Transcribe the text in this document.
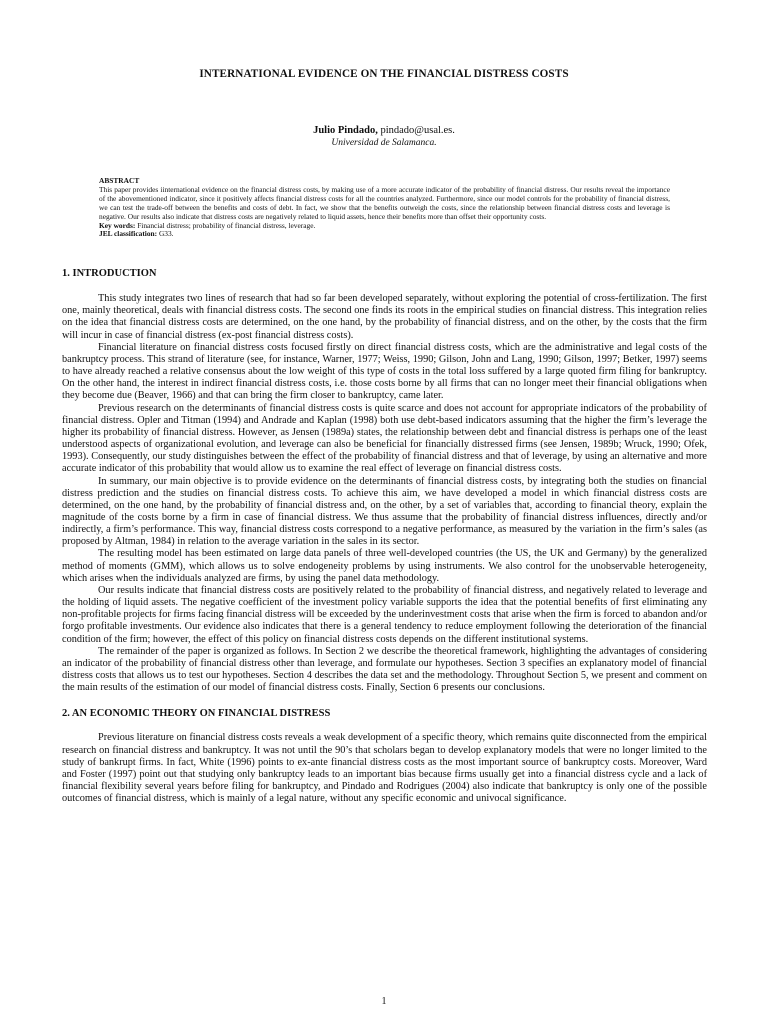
INTERNATIONAL EVIDENCE ON THE FINANCIAL DISTRESS COSTS
Julio Pindado, pindado@usal.es.
Universidad de Salamanca.
ABSTRACT
This paper provides iinternational evidence on the financial distress costs, by making use of a more accurate indicator of the probability of financial distress. Our results reveal the importance of the abovementioned indicator, since it positively affects financial distress costs for all the countries analyzed. Furthermore, since our model controls for the probability of financial distress, we can test the trade-off between the benefits and costs of debt. In fact, we show that the benefits outweigh the costs, since the relationship between financial distress costs and leverage is negative. Our results also indicate that distress costs are negatively related to liquid assets, hence their benefits more than offset their opportunity costs.
Key words: Financial distress; probability of financial distress, leverage.
JEL classification: G33.
1. INTRODUCTION

This study integrates two lines of research that had so far been developed separately, without exploring the potential of cross-fertilization. The first one, mainly theoretical, deals with financial distress costs. The second one finds its roots in the empirical studies on financial distress. This integration relies on the idea that financial distress costs are determined, on the one hand, by the probability of financial distress, and on the other, by the costs that the firm will incur in case of financial distress (ex-post financial distress costs).

Financial literature on financial distress costs focused firstly on direct financial distress costs, which are the administrative and legal costs of the bankruptcy process. This strand of literature (see, for instance, Warner, 1977; Weiss, 1990; Gilson, John and Lang, 1990; Gilson, 1997; Betker, 1997) seems to have already reached a relative consensus about the low weight of this type of costs in the total loss suffered by a large quoted firm filing for bankruptcy. On the other hand, the interest in indirect financial distress costs, i.e. those costs borne by all firms that can no longer meet their financial obligations when they become due (Beaver, 1966) and that can bring the firm closer to bankruptcy, came later.

Previous research on the determinants of financial distress costs is quite scarce and does not account for appropriate indicators of the probability of financial distress. Opler and Titman (1994) and Andrade and Kaplan (1998) both use debt-based indicators assuming that the higher the firm’s leverage the higher its probability of financial distress. However, as Jensen (1989a) states, the relationship between debt and financial distress is perhaps one of the least understood aspects of organizational evolution, and leverage can also be beneficial for financially distressed firms (see Jensen, 1989b; Wruck, 1990; Ofek, 1993). Consequently, our study distinguishes between the effect of the probability of financial distress and that of leverage, by using an alternative and more accurate indicator of this probability that would allow us to examine the real effect of leverage on financial distress costs.

In summary, our main objective is to provide evidence on the determinants of financial distress costs, by integrating both the studies on financial distress prediction and the studies on financial distress costs. To achieve this aim, we have developed a model in which financial distress costs are determined, on the one hand, by the probability of financial distress and, on the other, by a set of variables that, according to financial theory, explain the magnitude of the costs borne by a firm in case of financial distress. We thus assume that the probability of financial distress influences, directly and/or indirectly, a firm’s performance. This way, financial distress costs correspond to a negative performance, as measured by the variation in the firm’s sales (as proposed by Altman, 1984) in relation to the average variation in the sales in its sector.

The resulting model has been estimated on large data panels of three well-developed countries (the US, the UK and Germany) by the generalized method of moments (GMM), which allows us to solve endogeneity problems by using instruments. We also control for the unobservable heterogeneity, which arises when the individuals analyzed are firms, by using the panel data methodology.

Our results indicate that financial distress costs are positively related to the probability of financial distress, and negatively related to leverage and the holding of liquid assets. The negative coefficient of the investment policy variable supports the idea that the potential benefits of first eliminating any non-profitable projects for firms facing financial distress will be exceeded by the underinvestment costs that arise when the firm is forced to abandon and/or forgo profitable investments. Our evidence also indicates that there is a general tendency to reduce employment following the deterioration of the financial condition of the firm; however, the effect of this policy on financial distress costs depends on the different institutional systems.

The remainder of the paper is organized as follows. In Section 2 we describe the theoretical framework, highlighting the advantages of considering an indicator of the probability of financial distress other than leverage, and formulate our hypotheses. Section 3 specifies an explanatory model of financial distress costs that allows us to test our hypotheses. Section 4 describes the data set and the methodology. Throughout Section 5, we present and comment on the main results of the estimation of our model of financial distress costs. Finally, Section 6 presents our conclusions.

2. AN ECONOMIC THEORY ON FINANCIAL DISTRESS

Previous literature on financial distress costs reveals a weak development of a specific theory, which remains quite disconnected from the empirical research on financial distress and bankruptcy. It was not until the 90’s that scholars began to develop explanatory models that were no longer limited to the study of bankrupt firms. In fact, White (1996) points to ex-ante financial distress costs as the most important source of bankruptcy costs. Moreover, Ward and Foster (1997) point out that studying only bankruptcy leads to an important bias because firms usually get into a financial distress cycle and a lack of financial flexibility several years before filing for bankruptcy, and Pindado and Rodrigues (2004) also indicate that bankruptcy is only one of the possible outcomes of financial distress, which is mainly of a legal nature, without any specific economic and univocal significance.

1
